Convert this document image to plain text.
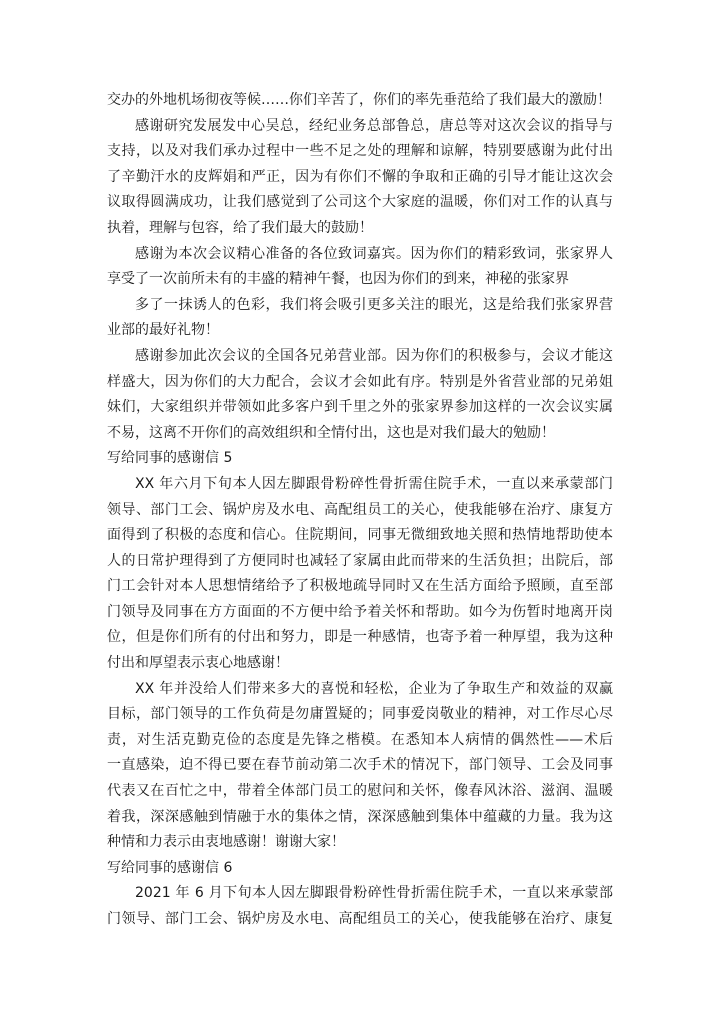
交办的外地机场彻夜等候……你们辛苦了，你们的率先垂范给了我们最大的激励！
感谢研究发展发中心吴总，经纪业务总部鲁总，唐总等对这次会议的指导与
支持，以及对我们承办过程中一些不足之处的理解和谅解，特别要感谢为此付出
了辛勤汗水的皮辉娟和严正，因为有你们不懈的争取和正确的引导才能让这次会
议取得圆满成功，让我们感觉到了公司这个大家庭的温暖，你们对工作的认真与
执着，理解与包容，给了我们最大的鼓励！
感谢为本次会议精心准备的各位致词嘉宾。因为你们的精彩致词，张家界人
享受了一次前所未有的丰盛的精神午餐，也因为你们的到来，神秘的张家界
多了一抹诱人的色彩，我们将会吸引更多关注的眼光，这是给我们张家界营
业部的最好礼物！
感谢参加此次会议的全国各兄弟营业部。因为你们的积极参与，会议才能这
样盛大，因为你们的大力配合，会议才会如此有序。特别是外省营业部的兄弟姐
妹们，大家组织并带领如此多客户到千里之外的张家界参加这样的一次会议实属
不易，这离不开你们的高效组织和全情付出，这也是对我们最大的勉励！
写给同事的感谢信 5
XX 年六月下旬本人因左脚跟骨粉碎性骨折需住院手术，一直以来承蒙部门
领导、部门工会、锅炉房及水电、高配组员工的关心，使我能够在治疗、康复方
面得到了积极的态度和信心。住院期间，同事无微细致地关照和热情地帮助使本
人的日常护理得到了方便同时也减轻了家属由此而带来的生活负担；出院后，部
门工会针对本人思想情绪给予了积极地疏导同时又在生活方面给予照顾，直至部
门领导及同事在方方面面的不方便中给予着关怀和帮助。如今为伤暂时地离开岗
位，但是你们所有的付出和努力，即是一种感情，也寄予着一种厚望，我为这种
付出和厚望表示衷心地感谢！
XX 年并没给人们带来多大的喜悦和轻松，企业为了争取生产和效益的双赢
目标，部门领导的工作负荷是勿庸置疑的；同事爱岗敬业的精神，对工作尽心尽
责，对生活克勤克俭的态度是先锋之楷模。在悉知本人病情的偶然性——术后
一直感染，迫不得已要在春节前动第二次手术的情况下，部门领导、工会及同事
代表又在百忙之中，带着全体部门员工的慰问和关怀，像春风沐浴、滋润、温暖
着我，深深感触到情融于水的集体之情，深深感触到集体中蕴藏的力量。我为这
种情和力表示由衷地感谢！谢谢大家！
写给同事的感谢信 6
2021 年 6 月下旬本人因左脚跟骨粉碎性骨折需住院手术，一直以来承蒙部
门领导、部门工会、锅炉房及水电、高配组员工的关心，使我能够在治疗、康复
